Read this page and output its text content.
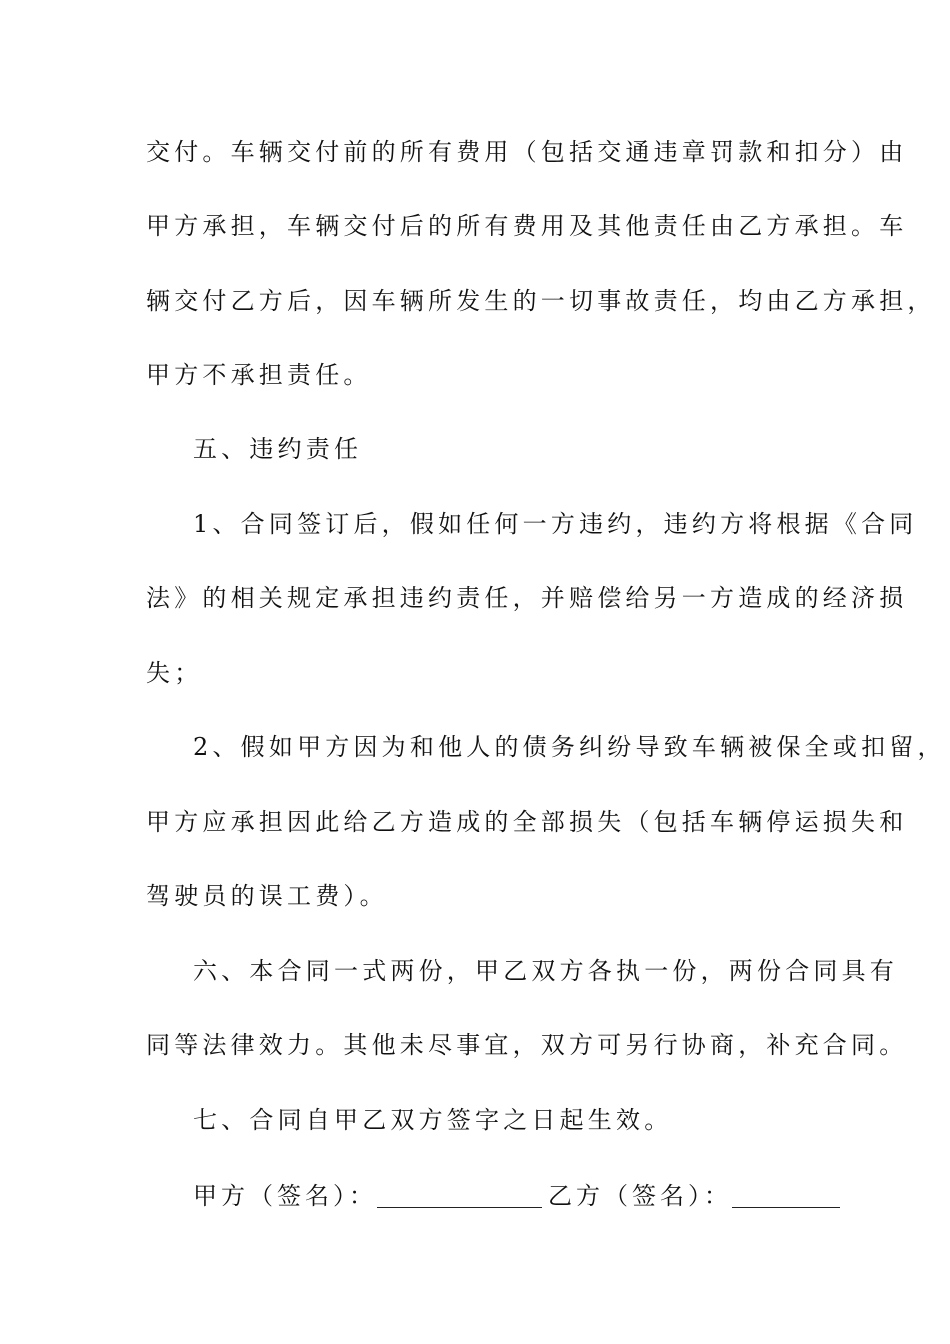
交付。车辆交付前的所有费用（包括交通违章罚款和扣分）由
甲方承担，车辆交付后的所有费用及其他责任由乙方承担。车
辆交付乙方后，因车辆所发生的一切事故责任，均由乙方承担，
甲方不承担责任。
五、违约责任
1、合同签订后，假如任何一方违约，违约方将根据《合同
法》的相关规定承担违约责任，并赔偿给另一方造成的经济损
失；
2、假如甲方因为和他人的债务纠纷导致车辆被保全或扣留，
甲方应承担因此给乙方造成的全部损失（包括车辆停运损失和
驾驶员的误工费）。
六、本合同一式两份，甲乙双方各执一份，两份合同具有
同等法律效力。其他未尽事宜，双方可另行协商，补充合同。
七、合同自甲乙双方签字之日起生效。
甲方（签名）：	乙方（签名）：
